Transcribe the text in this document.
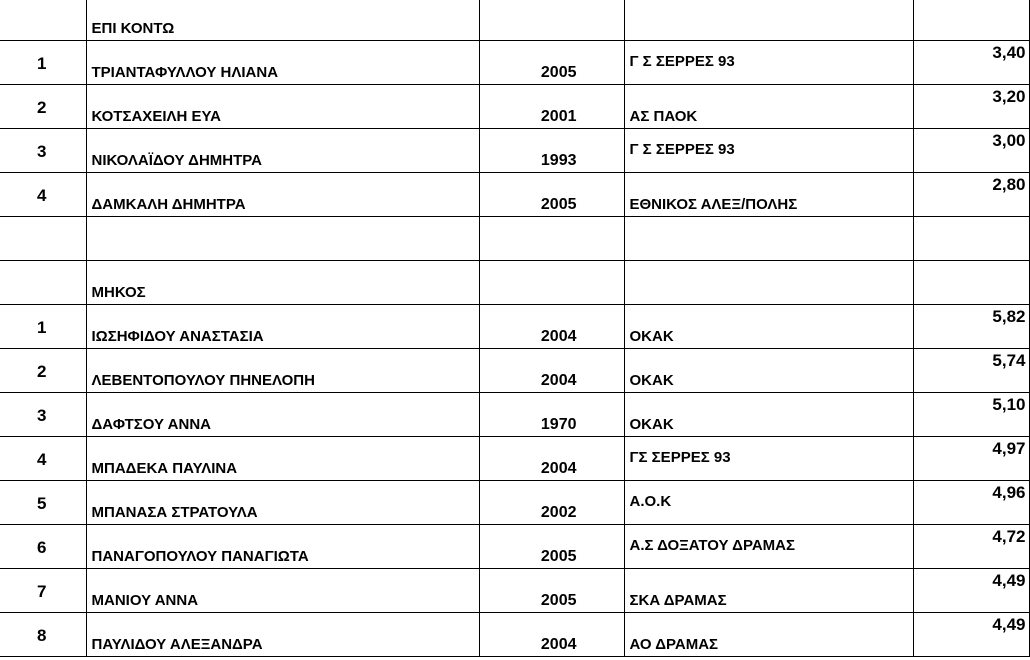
	ΕΠΙ ΚΟΝΤΩ			

1	ΤΡΙΑΝΤΑΦΥΛΛΟΥ ΗΛΙΑΝΑ	2005	Γ Σ ΣΕΡΡΕΣ 93	3,40

2	ΚΟΤΣΑΧΕΙΛΗ ΕΥΑ	2001	ΑΣ ΠΑΟΚ	3,20

3	ΝΙΚΟΛΑΪΔΟΥ ΔΗΜΗΤΡΑ	1993	Γ Σ ΣΕΡΡΕΣ 93	3,00

4	ΔΑΜΚΑΛΗ ΔΗΜΗΤΡΑ	2005	ΕΘΝΙΚΟΣ ΑΛΕΞ/ΠΟΛΗΣ	2,80

	ΜΗΚΟΣ			

1	ΙΩΣΗΦΙΔΟΥ ΑΝΑΣΤΑΣΙΑ	2004	ΟΚΑΚ	5,82

2	ΛΕΒΕΝΤΟΠΟΥΛΟΥ ΠΗΝΕΛΟΠΗ	2004	ΟΚΑΚ	5,74

3	ΔΑΦΤΣΟΥ ΑΝΝΑ	1970	ΟΚΑΚ	5,10

4	ΜΠΑΔΕΚΑ ΠΑΥΛΙΝΑ	2004	ΓΣ ΣΕΡΡΕΣ 93	4,97

5	ΜΠΑΝΑΣΑ ΣΤΡΑΤΟΥΛΑ	2002	Α.Ο.Κ	4,96

6	ΠΑΝΑΓΟΠΟΥΛΟΥ ΠΑΝΑΓΙΩΤΑ	2005	Α.Σ ΔΟΞΑΤΟΥ ΔΡΑΜΑΣ	4,72

7	ΜΑΝΙΟΥ ΑΝΝΑ	2005	ΣΚΑ ΔΡΑΜΑΣ	4,49

8	ΠΑΥΛΙΔΟΥ ΑΛΕΞΑΝΔΡΑ	2004	ΑΟ ΔΡΑΜΑΣ	4,49
